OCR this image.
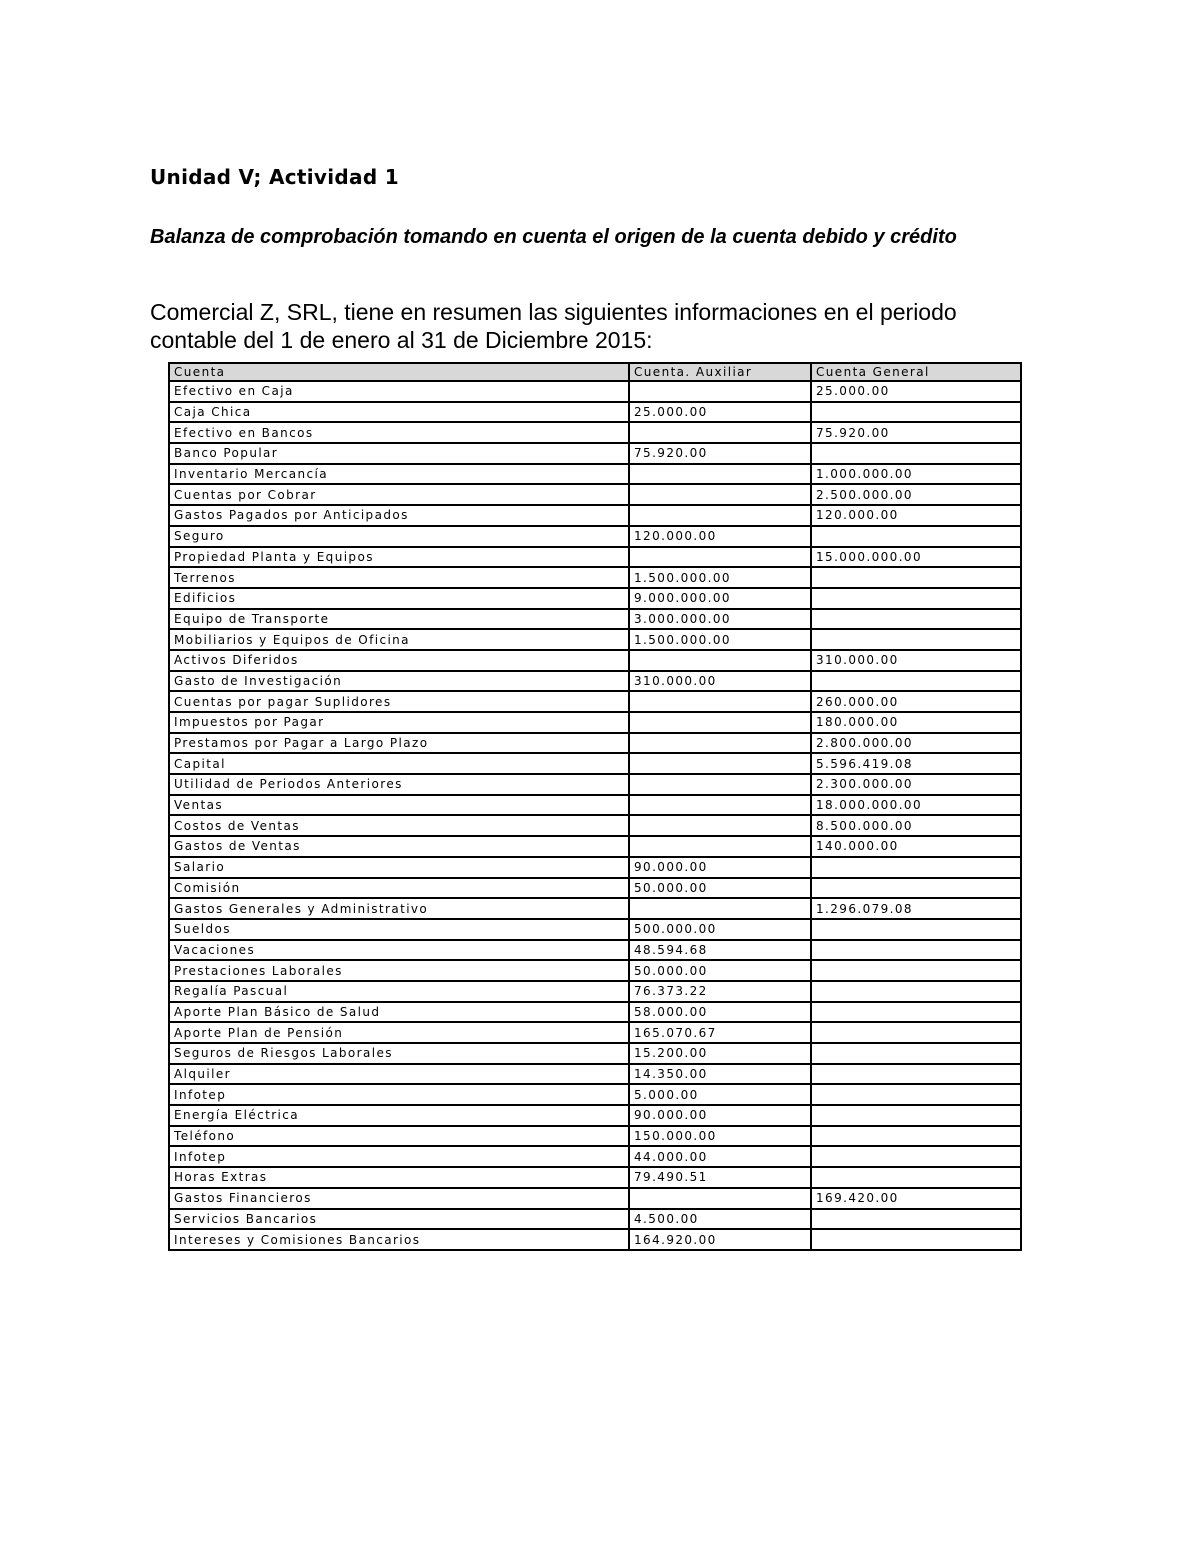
Unidad V; Actividad 1
Balanza de comprobación tomando en cuenta el origen de la cuenta debido y crédito
Comercial Z, SRL, tiene en resumen las siguientes informaciones en el periodo
contable del 1 de enero al 31 de Diciembre 2015:
Cuenta	Cuenta. Auxiliar	Cuenta General
Efectivo en Caja		25.000.00
Caja Chica	25.000.00	
Efectivo en Bancos		75.920.00
Banco Popular	75.920.00	
Inventario Mercancía		1.000.000.00
Cuentas por Cobrar		2.500.000.00
Gastos Pagados por Anticipados		120.000.00
Seguro	120.000.00	
Propiedad Planta y Equipos		15.000.000.00
Terrenos	1.500.000.00	
Edificios	9.000.000.00	
Equipo de Transporte	3.000.000.00	
Mobiliarios y Equipos de Oficina	1.500.000.00	
Activos Diferidos		310.000.00
Gasto de Investigación	310.000.00	
Cuentas por pagar Suplidores		260.000.00
Impuestos por Pagar		180.000.00
Prestamos por Pagar a Largo Plazo		2.800.000.00
Capital		5.596.419.08
Utilidad de Periodos Anteriores		2.300.000.00
Ventas		18.000.000.00
Costos de Ventas		8.500.000.00
Gastos de Ventas		140.000.00
Salario	90.000.00	
Comisión	50.000.00	
Gastos Generales y Administrativo		1.296.079.08
Sueldos	500.000.00	
Vacaciones	48.594.68	
Prestaciones Laborales	50.000.00	
Regalía Pascual	76.373.22	
Aporte Plan Básico de Salud	58.000.00	
Aporte Plan de Pensión	165.070.67	
Seguros de Riesgos Laborales	15.200.00	
Alquiler	14.350.00	
Infotep	5.000.00	
Energía Eléctrica	90.000.00	
Teléfono	150.000.00	
Infotep	44.000.00	
Horas Extras	79.490.51	
Gastos Financieros		169.420.00
Servicios Bancarios	4.500.00	
Intereses y Comisiones Bancarios	164.920.00	
